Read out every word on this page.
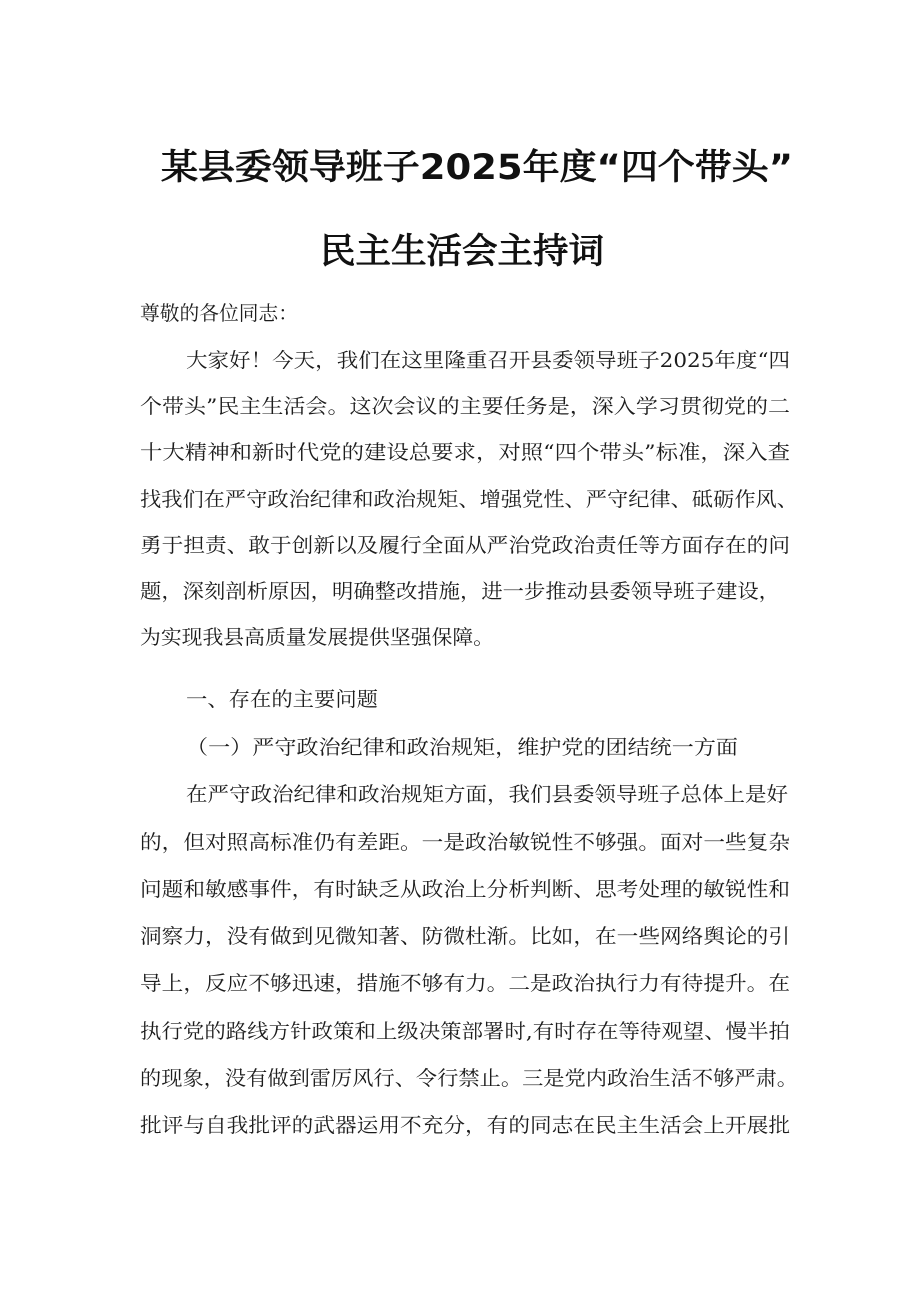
某县委领导班子2025年度“四个带头”
民主生活会主持词
尊敬的各位同志：
大家好！今天，我们在这里隆重召开县委领导班子2025年度“四
个带头”民主生活会。这次会议的主要任务是，深入学习贯彻党的二
十大精神和新时代党的建设总要求，对照“四个带头”标准，深入查
找我们在严守政治纪律和政治规矩、增强党性、严守纪律、砥砺作风、
勇于担责、敢于创新以及履行全面从严治党政治责任等方面存在的问
题，深刻剖析原因，明确整改措施，进一步推动县委领导班子建设，
为实现我县高质量发展提供坚强保障。
一、存在的主要问题
（一）严守政治纪律和政治规矩，维护党的团结统一方面
在严守政治纪律和政治规矩方面，我们县委领导班子总体上是好
的，但对照高标准仍有差距。一是政治敏锐性不够强。面对一些复杂
问题和敏感事件，有时缺乏从政治上分析判断、思考处理的敏锐性和
洞察力，没有做到见微知著、防微杜渐。比如，在一些网络舆论的引
导上，反应不够迅速，措施不够有力。二是政治执行力有待提升。在
执行党的路线方针政策和上级决策部署时,有时存在等待观望、慢半拍
的现象，没有做到雷厉风行、令行禁止。三是党内政治生活不够严肃。
批评与自我批评的武器运用不充分，有的同志在民主生活会上开展批
